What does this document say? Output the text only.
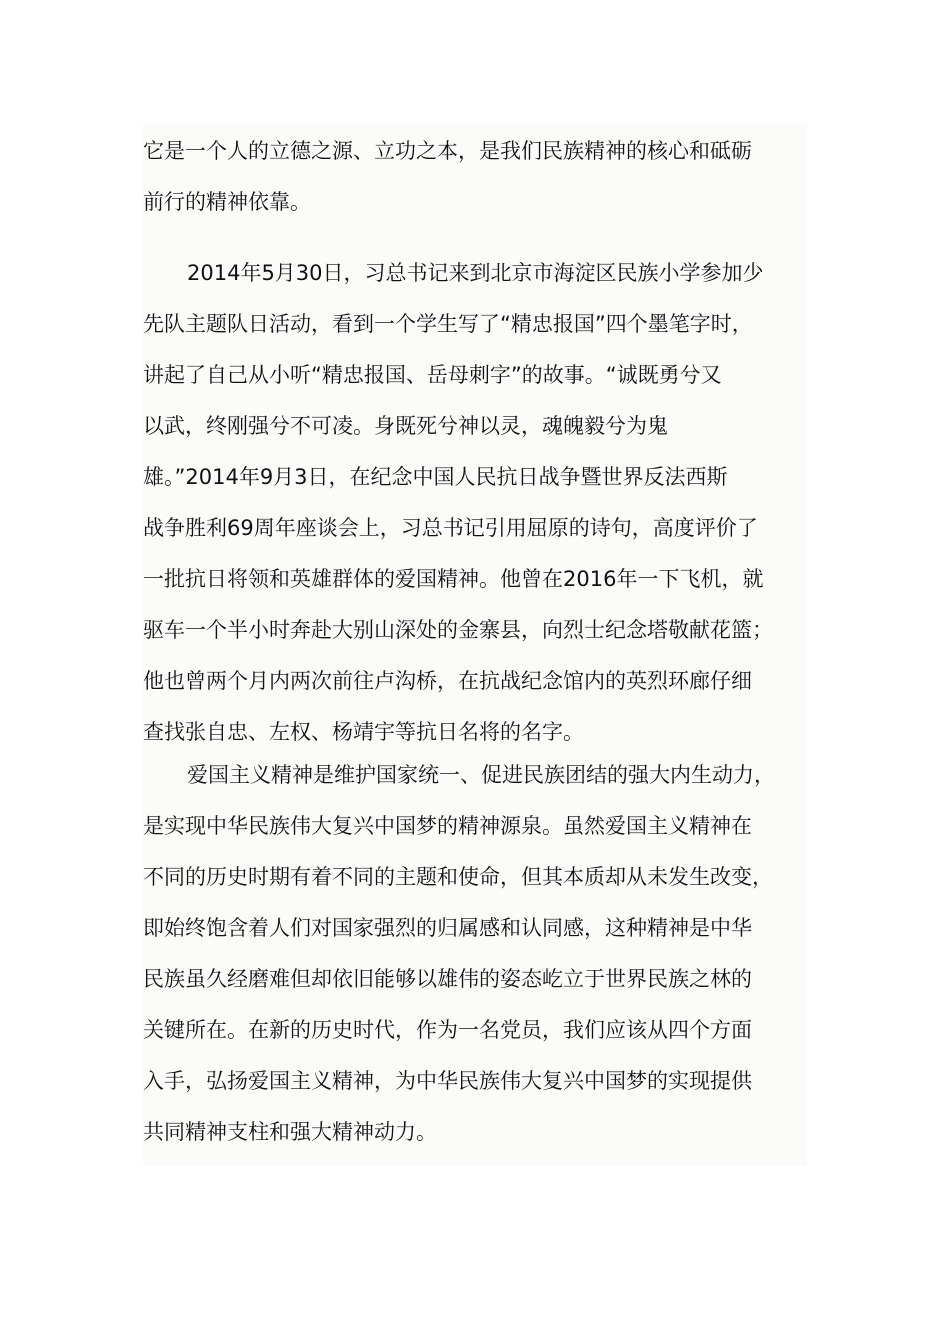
它是一个人的立德之源、立功之本，是我们民族精神的核心和砥砺
前行的精神依靠。
2014年5月30日，习总书记来到北京市海淀区民族小学参加少
先队主题队日活动，看到一个学生写了“精忠报国”四个墨笔字时，
讲起了自己从小听“精忠报国、岳母刺字”的故事。“诚既勇兮又
以武，终刚强兮不可凌。身既死兮神以灵，魂魄毅兮为鬼
雄。”2014年9月3日，在纪念中国人民抗日战争暨世界反法西斯
战争胜利69周年座谈会上，习总书记引用屈原的诗句，高度评价了
一批抗日将领和英雄群体的爱国精神。他曾在2016年一下飞机，就
驱车一个半小时奔赴大别山深处的金寨县，向烈士纪念塔敬献花篮；
他也曾两个月内两次前往卢沟桥，在抗战纪念馆内的英烈环廊仔细
查找张自忠、左权、杨靖宇等抗日名将的名字。
爱国主义精神是维护国家统一、促进民族团结的强大内生动力，
是实现中华民族伟大复兴中国梦的精神源泉。虽然爱国主义精神在
不同的历史时期有着不同的主题和使命，但其本质却从未发生改变，
即始终饱含着人们对国家强烈的归属感和认同感，这种精神是中华
民族虽久经磨难但却依旧能够以雄伟的姿态屹立于世界民族之林的
关键所在。在新的历史时代，作为一名党员，我们应该从四个方面
入手，弘扬爱国主义精神，为中华民族伟大复兴中国梦的实现提供
共同精神支柱和强大精神动力。
